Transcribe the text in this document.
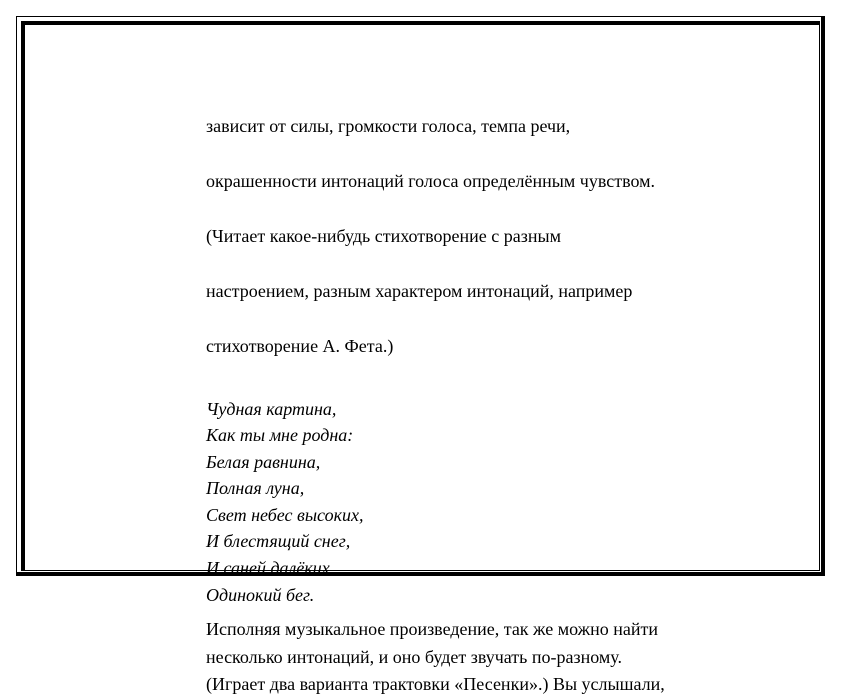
зависит от силы, громкости голоса, темпа речи,

окрашенности интонаций голоса определённым чувством.

(Читает какое-нибудь стихотворение с разным

настроением, разным характером интонаций, например

стихотворение А. Фета.)

Чудная картина,
Как ты мне родна:
Белая равнина,
Полная луна,
Свет небес высоких,
И блестящий снег,
И саней далёких
Одинокий бег.
Исполняя музыкальное произведение, так же можно найти
несколько интонаций, и оно будет звучать по-разному.
(Играет два варианта трактовки «Песенки».) Вы услышали,
